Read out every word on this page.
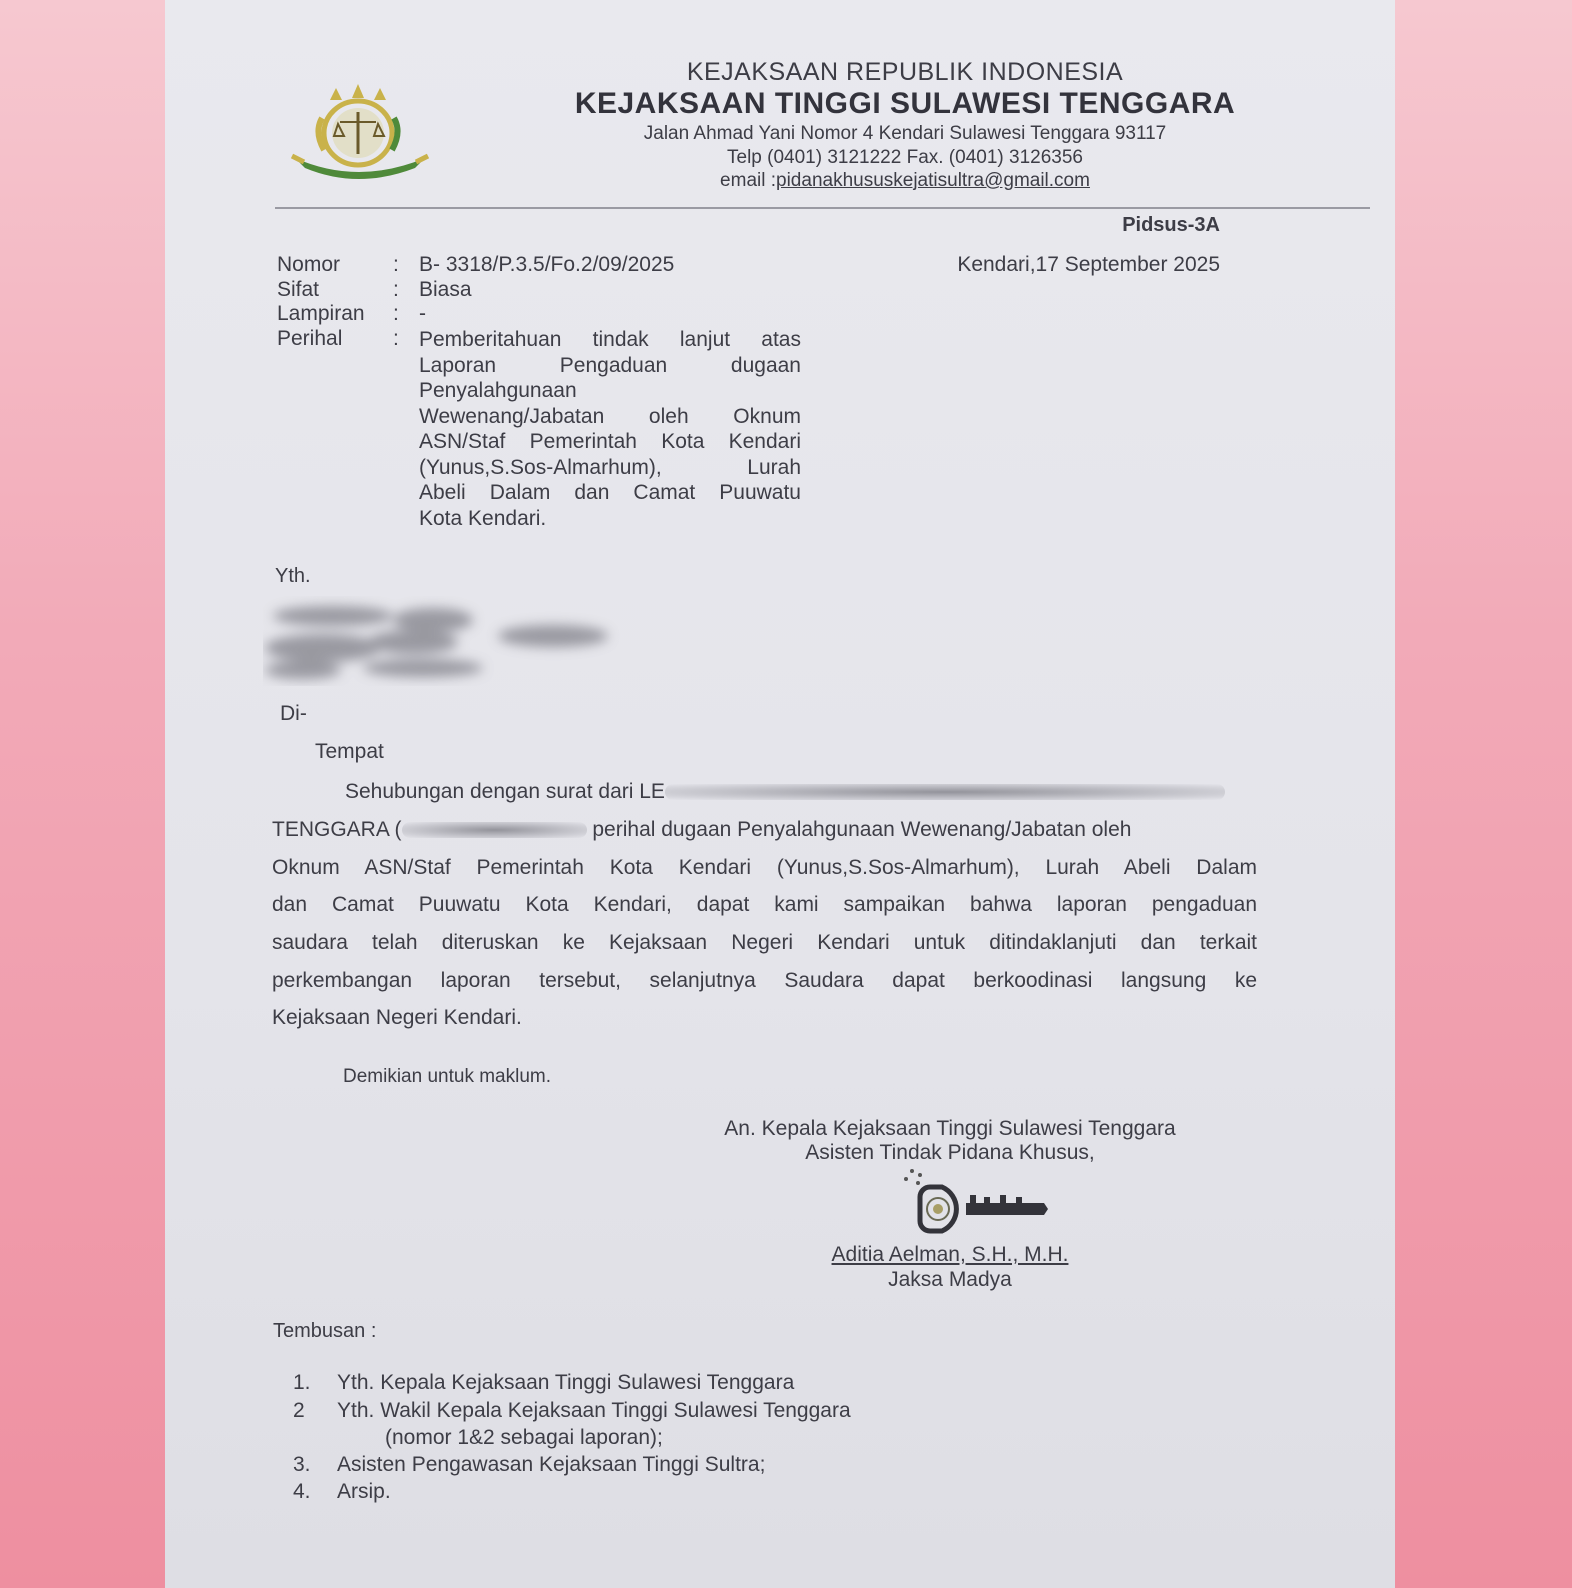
KEJAKSAAN REPUBLIK INDONESIA
KEJAKSAAN TINGGI SULAWESI TENGGARA
Jalan Ahmad Yani Nomor 4 Kendari Sulawesi Tenggara 93117
Telp (0401) 3121222 Fax. (0401) 3126356
email :pidanakhususkejatisultra@gmail.com
Pidsus-3A
Kendari,17 September 2025
Nomor	: B- 3318/P.3.5/Fo.2/09/2025
Sifat	: Biasa
Lampiran	: -
Perihal	: Pemberitahuan tindak lanjut atas
Laporan Pengaduan dugaan
Penyalahgunaan
Wewenang/Jabatan oleh Oknum
ASN/Staf Pemerintah Kota Kendari
(Yunus,S.Sos-Almarhum), Lurah
Abeli Dalam dan Camat Puuwatu
Kota Kendari.
Yth.
Di-
Tempat
Sehubungan dengan surat dari LE
TENGGARA (	perihal dugaan Penyalahgunaan Wewenang/Jabatan oleh
Oknum ASN/Staf Pemerintah Kota Kendari (Yunus,S.Sos-Almarhum), Lurah Abeli Dalam
dan Camat Puuwatu Kota Kendari, dapat kami sampaikan bahwa laporan pengaduan
saudara telah diteruskan ke Kejaksaan Negeri Kendari untuk ditindaklanjuti dan terkait
perkembangan laporan tersebut, selanjutnya Saudara dapat berkoodinasi langsung ke
Kejaksaan Negeri Kendari.
Demikian untuk maklum.
An. Kepala Kejaksaan Tinggi Sulawesi Tenggara
Asisten Tindak Pidana Khusus,
Aditia Aelman, S.H., M.H.
Jaksa Madya
Tembusan :
1. Yth. Kepala Kejaksaan Tinggi Sulawesi Tenggara
2 Yth. Wakil Kepala Kejaksaan Tinggi Sulawesi Tenggara
(nomor 1&2 sebagai laporan);
3. Asisten Pengawasan Kejaksaan Tinggi Sultra;
4. Arsip.
